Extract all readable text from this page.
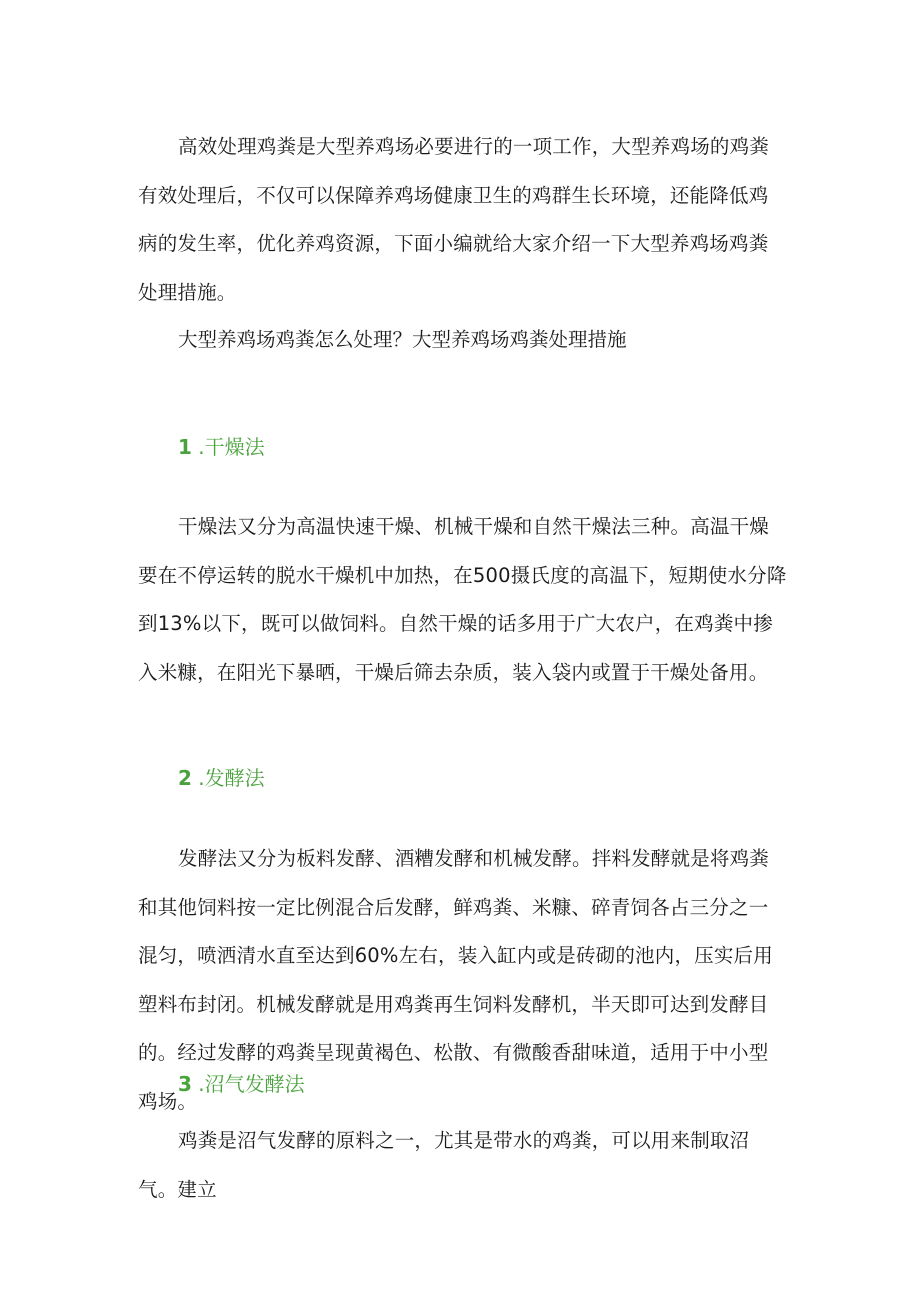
高效处理鸡粪是大型养鸡场必要进行的一项工作，大型养鸡场的鸡粪有效处理后，不仅可以保障养鸡场健康卫生的鸡群生长环境，还能降低鸡病的发生率，优化养鸡资源，下面小编就给大家介绍一下大型养鸡场鸡粪处理措施。

大型养鸡场鸡粪怎么处理？大型养鸡场鸡粪处理措施

1 .干燥法

干燥法又分为高温快速干燥、机械干燥和自然干燥法三种。高温干燥要在不停运转的脱水干燥机中加热，在500摄氏度的高温下，短期使水分降到13%以下，既可以做饲料。自然干燥的话多用于广大农户，在鸡粪中掺入米糠，在阳光下暴晒，干燥后筛去杂质，装入袋内或置于干燥处备用。

2 .发酵法

发酵法又分为板料发酵、酒糟发酵和机械发酵。拌料发酵就是将鸡粪和其他饲料按一定比例混合后发酵，鲜鸡粪、米糠、碎青饲各占三分之一混匀，喷洒清水直至达到60%左右，装入缸内或是砖砌的池内，压实后用塑料布封闭。机械发酵就是用鸡粪再生饲料发酵机，半天即可达到发酵目的。经过发酵的鸡粪呈现黄褐色、松散、有微酸香甜味道，适用于中小型鸡场。

3 .沼气发酵法

鸡粪是沼气发酵的原料之一，尤其是带水的鸡粪，可以用来制取沼气。建立
